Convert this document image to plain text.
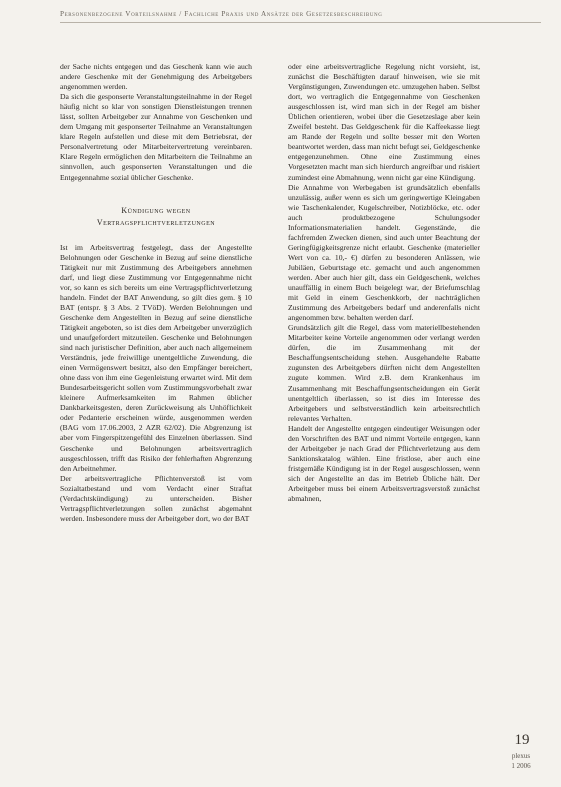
Personenbezogene Vorteilsnahme / Fachliche Praxis und Ansätze der Gesetzesbeschreibung

der Sache nichts entgegen und das Geschenk kann wie auch andere Geschenke mit der Genehmigung des Arbeitgebers angenommen werden.

Da sich die gesponserte Veranstaltungsteilnahme in der Regel häufig nicht so klar von sonstigen Dienstleistungen trennen lässt, sollten Arbeitgeber zur Annahme von Geschenken und dem Umgang mit gesponserter Teilnahme an Veranstaltungen klare Regeln aufstellen und diese mit dem Betriebsrat, der Personalvertretung oder Mitarbeitervertretung vereinbaren. Klare Regeln ermöglichen den Mitarbeitern die Teilnahme an sinnvollen, auch gesponserten Veranstaltungen und die Entgegennahme sozial üblicher Geschenke.

Kündigung wegen
Vertragspflichtverletzungen

Ist im Arbeitsvertrag festgelegt, dass der Angestellte Belohnungen oder Geschenke in Bezug auf seine dienstliche Tätigkeit nur mit Zustimmung des Arbeitgebers annehmen darf, und liegt diese Zustimmung vor Entgegennahme nicht vor, so kann es sich bereits um eine Vertragspflichtverletzung handeln. Findet der BAT Anwendung, so gilt dies gem. § 10 BAT (entspr. § 3 Abs. 2 TVöD). Werden Belohnungen und Geschenke dem Angestellten in Bezug auf seine dienstliche Tätigkeit angeboten, so ist dies dem Arbeitgeber unverzüglich und unaufgefordert mitzuteilen. Geschenke und Belohnungen sind nach juristischer Definition, aber auch nach allgemeinem Verständnis, jede freiwillige unentgeltliche Zuwendung, die einen Vermögenswert besitzt, also den Empfänger bereichert, ohne dass von ihm eine Gegenleistung erwartet wird. Mit dem Bundesarbeitsgericht sollen vom Zustimmungsvorbehalt zwar kleinere Aufmerksamkeiten im Rahmen üblicher Dankbarkeitsgesten, deren Zurückweisung als Unhöflichkeit oder Pedanterie erscheinen würde, ausgenommen werden (BAG vom 17.06.2003, 2 AZR 62/02). Die Abgrenzung ist aber vom Fingerspitzengefühl des Einzelnen überlassen. Sind Geschenke und Belohnungen arbeitsvertraglich ausgeschlossen, trifft das Risiko der fehlerhaften Abgrenzung den Arbeitnehmer.

Der arbeitsvertragliche Pflichtenverstoß ist vom Sozialtatbestand und vom Verdacht einer Straftat (Verdachtskündigung) zu unterscheiden. Bisher Vertragspflichtverletzungen sollen zunächst abgemahnt werden. Insbesondere muss der Arbeitgeber dort, wo der BAT

oder eine arbeitsvertragliche Regelung nicht vorsieht, ist, zunächst die Beschäftigten darauf hinweisen, wie sie mit Vergünstigungen, Zuwendungen etc. umzugehen haben. Selbst dort, wo vertraglich die Entgegennahme von Geschenken ausgeschlossen ist, wird man sich in der Regel am bisher Üblichen orientieren, wobei über die Gesetzeslage aber kein Zweifel besteht. Das Geldgeschenk für die Kaffeekasse liegt am Rande der Regeln und sollte besser mit den Worten beantwortet werden, dass man nicht befugt sei, Geldgeschenke entgegenzunehmen. Ohne eine Zustimmung eines Vorgesetzten macht man sich hierdurch angreifbar und riskiert zumindest eine Abmahnung, wenn nicht gar eine Kündigung.

Die Annahme von Werbegaben ist grundsätzlich ebenfalls unzulässig, außer wenn es sich um geringwertige Kleingaben wie Taschenkalender, Kugelschreiber, Notizblöcke, etc. oder auch produktbezogene Schulungsoder Informationsmaterialien handelt. Gegenstände, die fachfremden Zwecken dienen, sind auch unter Beachtung der Geringfügigkeitsgrenze nicht erlaubt. Geschenke (materieller Wert von ca. 10,- €) dürfen zu besonderen Anlässen, wie Jubiläen, Geburtstage etc. gemacht und auch angenommen werden. Aber auch hier gilt, dass ein Geldgeschenk, welches unauffällig in einem Buch beigelegt war, der Briefumschlag mit Geld in einem Geschenkkorb, der nachträglichen Zustimmung des Arbeitgebers bedarf und anderenfalls nicht angenommen bzw. behalten werden darf.

Grundsätzlich gilt die Regel, dass vom materiellbestehenden Mitarbeiter keine Vorteile angenommen oder verlangt werden dürfen, die im Zusammenhang mit der Beschaffungsentscheidung stehen. Ausgehandelte Rabatte zugunsten des Arbeitgebers dürften nicht dem Angestellten zugute kommen. Wird z.B. dem Krankenhaus im Zusammenhang mit Beschaffungsentscheidungen ein Gerät unentgeltlich überlassen, so ist dies im Interesse des Arbeitgebers und selbstverständlich kein arbeitsrechtlich relevantes Verhalten.

Handelt der Angestellte entgegen eindeutiger Weisungen oder den Vorschriften des BAT und nimmt Vorteile entgegen, kann der Arbeitgeber je nach Grad der Pflichtverletzung aus dem Sanktionskatalog wählen. Eine fristlose, aber auch eine fristgemäße Kündigung ist in der Regel ausgeschlossen, wenn sich der Angestellte an das im Betrieb Übliche hält. Der Arbeitgeber muss bei einem Arbeitsvertragsverstoß zunächst abmahnen,

19
plexus
1 2006
